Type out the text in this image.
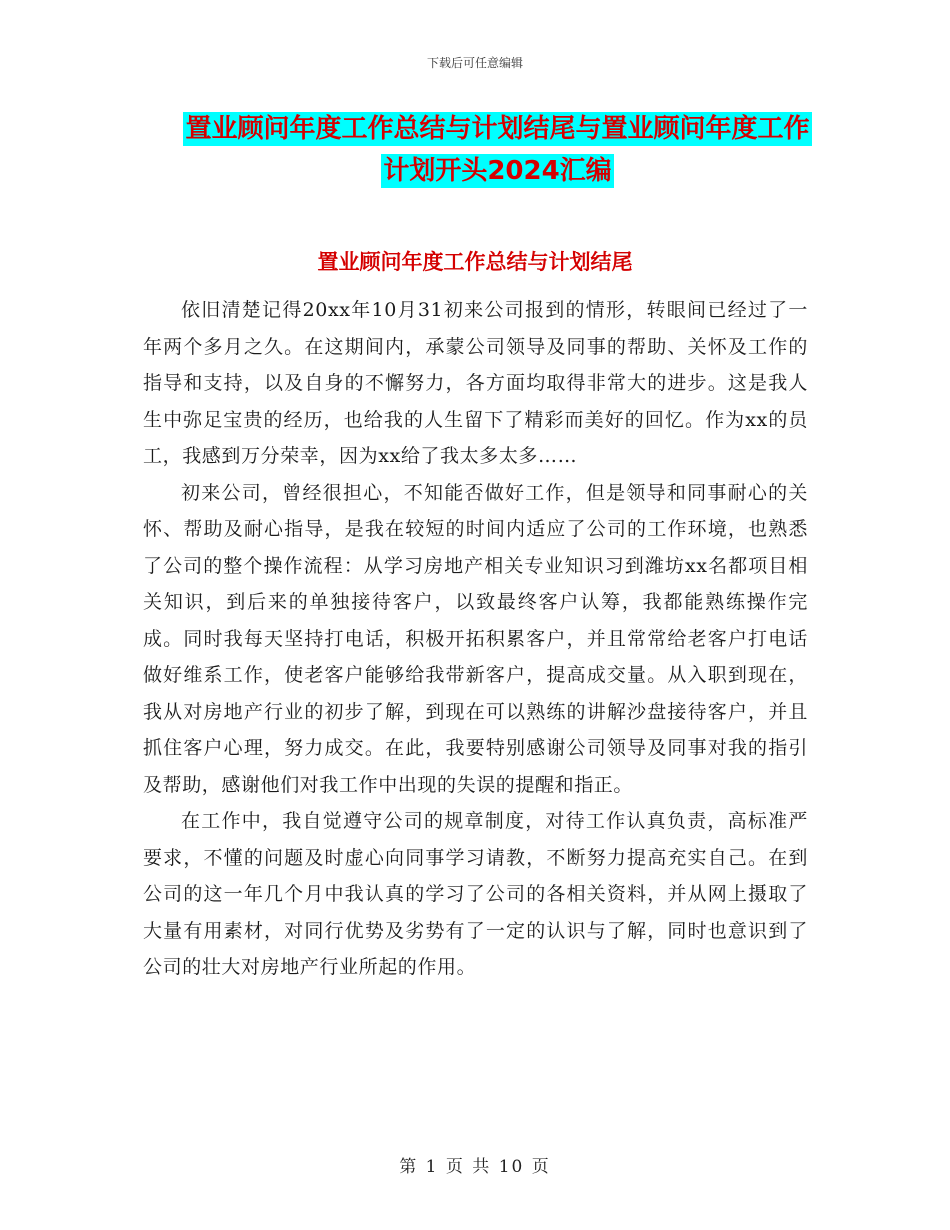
下载后可任意编辑
置业顾问年度工作总结与计划结尾与置业顾问年度工作计划开头2024汇编
置业顾问年度工作总结与计划结尾

依旧清楚记得20xx年10月31初来公司报到的情形，转眼间已经过了一年两个多月之久。在这期间内，承蒙公司领导及同事的帮助、关怀及工作的指导和支持，以及自身的不懈努力，各方面均取得非常大的进步。这是我人生中弥足宝贵的经历，也给我的人生留下了精彩而美好的回忆。作为xx的员工，我感到万分荣幸，因为xx给了我太多太多……

初来公司，曾经很担心，不知能否做好工作，但是领导和同事耐心的关怀、帮助及耐心指导，是我在较短的时间内适应了公司的工作环境，也熟悉了公司的整个操作流程：从学习房地产相关专业知识习到潍坊xx名都项目相关知识，到后来的单独接待客户，以致最终客户认筹，我都能熟练操作完成。同时我每天坚持打电话，积极开拓积累客户，并且常常给老客户打电话做好维系工作，使老客户能够给我带新客户，提高成交量。从入职到现在，我从对房地产行业的初步了解，到现在可以熟练的讲解沙盘接待客户，并且抓住客户心理，努力成交。在此，我要特别感谢公司领导及同事对我的指引及帮助，感谢他们对我工作中出现的失误的提醒和指正。

在工作中，我自觉遵守公司的规章制度，对待工作认真负责，高标准严要求，不懂的问题及时虚心向同事学习请教，不断努力提高充实自己。在到公司的这一年几个月中我认真的学习了公司的各相关资料，并从网上摄取了大量有用素材，对同行优势及劣势有了一定的认识与了解，同时也意识到了公司的壮大对房地产行业所起的作用。

第 1 页 共 10 页
